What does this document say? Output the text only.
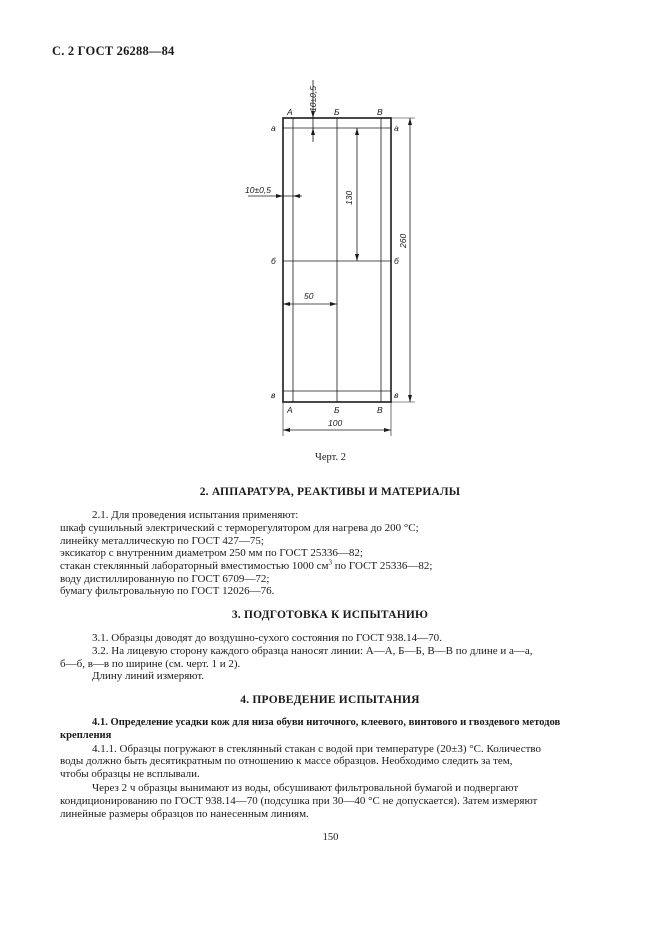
С. 2 ГОСТ 26288—84
10±0,5
10±0,5
130
260
50
100
А	Б	В
А	Б	В
а
б
в
а
б
в
Черт. 2
2. АППАРАТУРА, РЕАКТИВЫ И МАТЕРИАЛЫ
2.1. Для проведения испытания применяют:
шкаф сушильный электрический с терморегулятором для нагрева до 200 °С;
линейку металлическую по ГОСТ 427—75;
эксикатор с внутренним диаметром 250 мм по ГОСТ 25336—82;
стакан стеклянный лабораторный вместимостью 1000 $см^3$ по ГОСТ 25336—82;
воду дистиллированную по ГОСТ 6709—72;
бумагу фильтровальную по ГОСТ 12026—76.
3. ПОДГОТОВКА К ИСПЫТАНИЮ
3.1. Образцы доводят до воздушно-сухого состояния по ГОСТ 938.14—70.
3.2. На лицевую сторону каждого образца наносят линии: А—А, Б—Б, В—В по длине и а—а,
б—б, в—в по ширине (см. черт. 1 и 2).
Длину линий измеряют.
4. ПРОВЕДЕНИЕ ИСПЫТАНИЯ
4.1. Определение усадки кож для низа обуви ниточного, клеевого, винтового и гвоздевого методов
крепления
4.1.1. Образцы погружают в стеклянный стакан с водой при температуре (20±3) °С. Количество
воды должно быть десятикратным по отношению к массе образцов. Необходимо следить за тем,
чтобы образцы не всплывали.
Через 2 ч образцы вынимают из воды, обсушивают фильтровальной бумагой и подвергают
кондиционированию по ГОСТ 938.14—70 (подсушка при 30—40 °С не допускается). Затем измеряют
линейные размеры образцов по нанесенным линиям.
150
